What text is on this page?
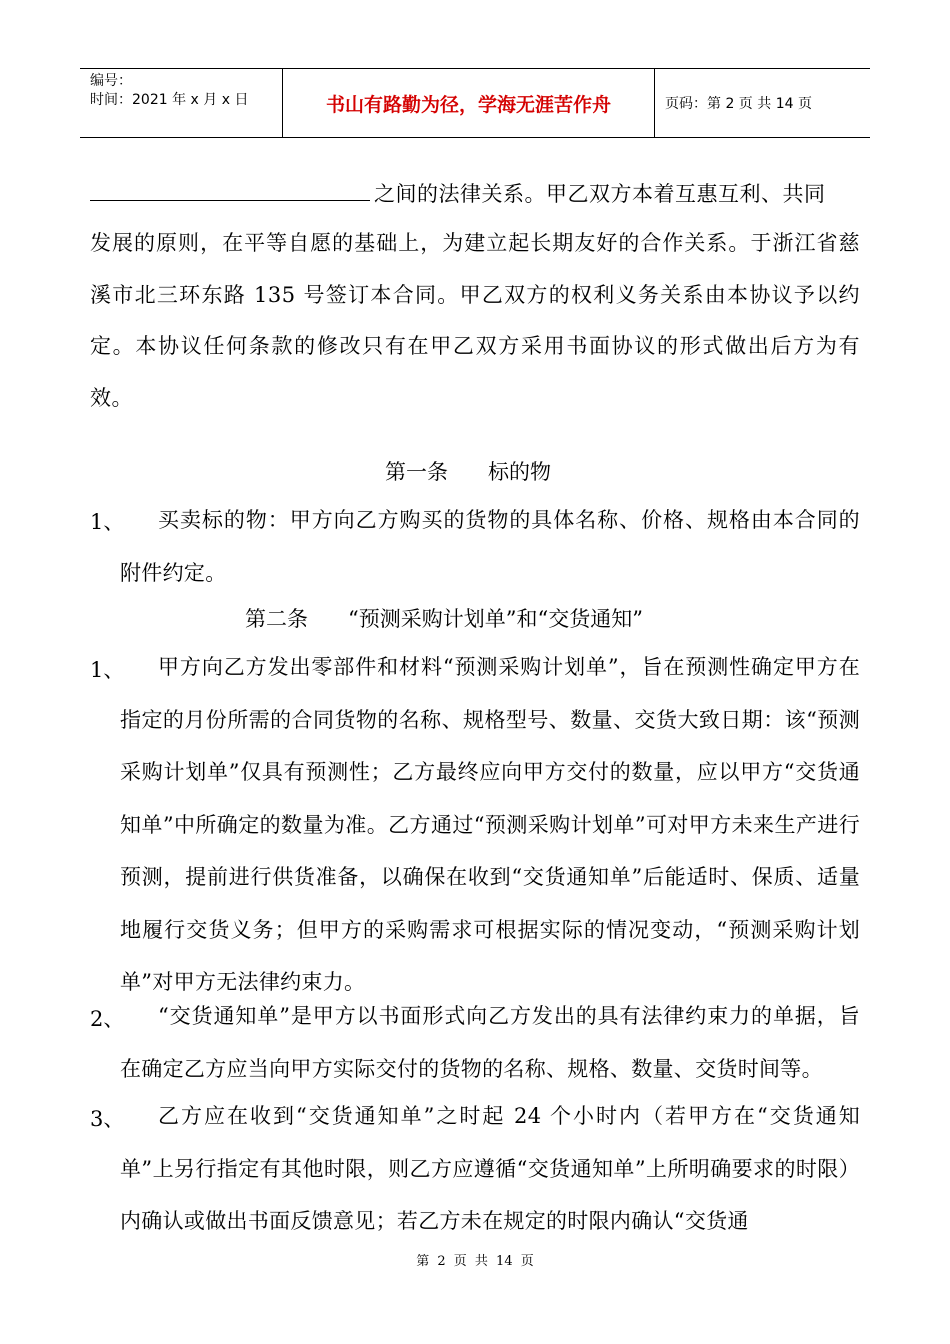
编号：
时间：2021 年 x 月 x 日	书山有路勤为径，学海无涯苦作舟	页码：第 2 页 共 14 页
之间的法律关系。甲乙双方本着互惠互利、共同
发展的原则，在平等自愿的基础上，为建立起长期友好的合作关系。于浙江省慈溪市北三环东路 135 号签订本合同。甲乙双方的权利义务关系由本协议予以约定。本协议任何条款的修改只有在甲乙双方采用书面协议的形式做出后方为有效。
第一条      标的物
1、	买卖标的物：甲方向乙方购买的货物的具体名称、价格、规格由本合同的附件约定。
第二条      “预测采购计划单”和“交货通知”
1、	甲方向乙方发出零部件和材料“预测采购计划单”，旨在预测性确定甲方在指定的月份所需的合同货物的名称、规格型号、数量、交货大致日期：该“预测采购计划单”仅具有预测性；乙方最终应向甲方交付的数量，应以甲方“交货通知单”中所确定的数量为准。乙方通过“预测采购计划单”可对甲方未来生产进行预测，提前进行供货准备，以确保在收到“交货通知单”后能适时、保质、适量地履行交货义务；但甲方的采购需求可根据实际的情况变动，“预测采购计划单”对甲方无法律约束力。
2、	“交货通知单”是甲方以书面形式向乙方发出的具有法律约束力的单据，旨在确定乙方应当向甲方实际交付的货物的名称、规格、数量、交货时间等。
3、	乙方应在收到“交货通知单”之时起 24 个小时内（若甲方在“交货通知单”上另行指定有其他时限，则乙方应遵循“交货通知单”上所明确要求的时限）内确认或做出书面反馈意见；若乙方未在规定的时限内确认“交货通
第 2 页 共 14 页
